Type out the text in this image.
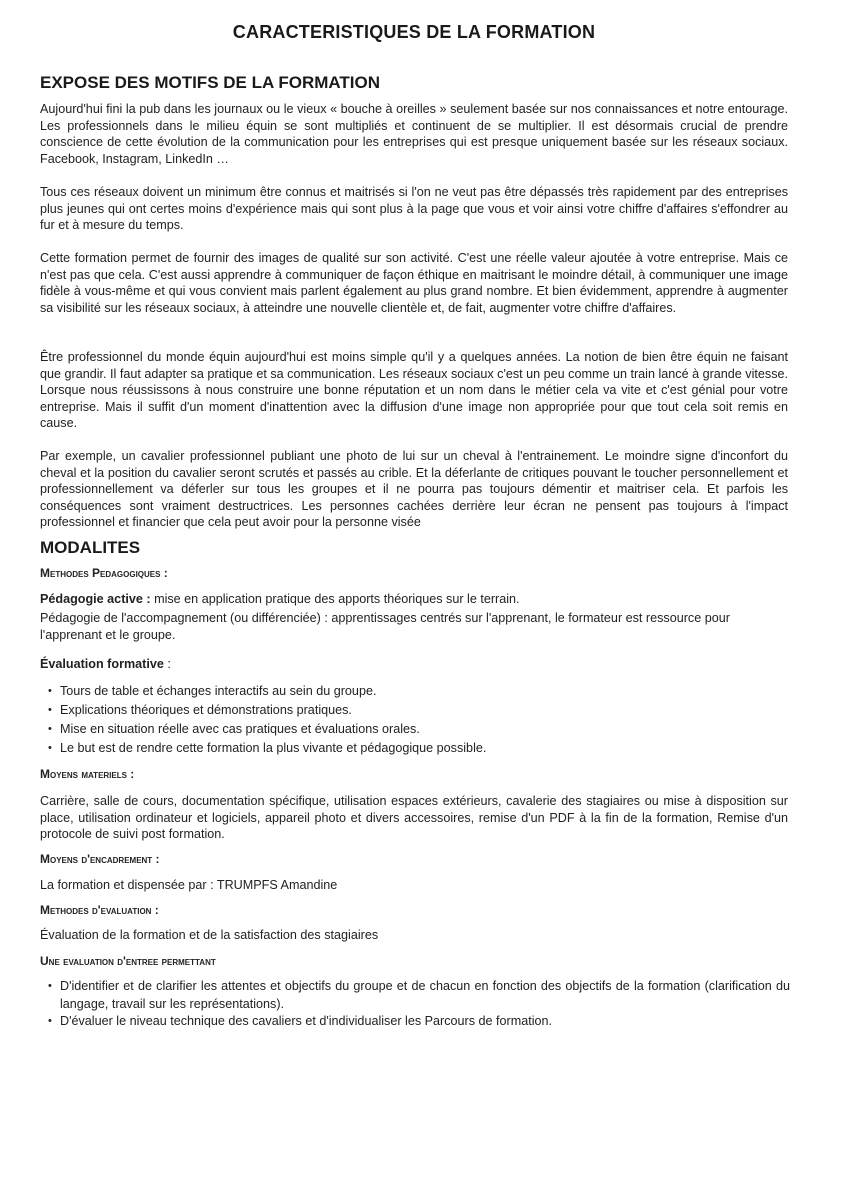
CARACTERISTIQUES DE LA FORMATION
EXPOSE DES MOTIFS DE LA FORMATION
Aujourd'hui fini la pub dans les journaux ou le vieux « bouche à oreilles » seulement basée sur nos connaissances et notre entourage. Les professionnels dans le milieu équin se sont multipliés et continuent de se multiplier. Il est désormais crucial de prendre conscience de cette évolution de la communication pour les entreprises qui est presque uniquement basée sur les réseaux sociaux. Facebook, Instagram, LinkedIn …
Tous ces réseaux doivent un minimum être connus et maitrisés si l'on ne veut pas être dépassés très rapidement par des entreprises plus jeunes qui ont certes moins d'expérience mais qui sont plus à la page que vous et voir ainsi votre chiffre d'affaires s'effondrer au fur et à mesure du temps.
Cette formation permet de fournir des images de qualité sur son activité. C'est une réelle valeur ajoutée à votre entreprise. Mais ce n'est pas que cela. C'est aussi apprendre à communiquer de façon éthique en maitrisant le moindre détail, à communiquer une image fidèle à vous-même et qui vous convient mais parlent également au plus grand nombre. Et bien évidemment, apprendre à augmenter sa visibilité sur les réseaux sociaux, à atteindre une nouvelle clientèle et, de fait, augmenter votre chiffre d'affaires.
Être professionnel du monde équin aujourd'hui est moins simple qu'il y a quelques années. La notion de bien être équin ne faisant que grandir. Il faut adapter sa pratique et sa communication. Les réseaux sociaux c'est un peu comme un train lancé à grande vitesse. Lorsque nous réussissons à nous construire une bonne réputation et un nom dans le métier cela va vite et c'est génial pour votre entreprise. Mais il suffit d'un moment d'inattention avec la diffusion d'une image non appropriée pour que tout cela soit remis en cause.
Par exemple, un cavalier professionnel publiant une photo de lui sur un cheval à l'entrainement. Le moindre signe d'inconfort du cheval et la position du cavalier seront scrutés et passés au crible. Et la déferlante de critiques pouvant le toucher personnellement et professionnellement va déferler sur tous les groupes et il ne pourra pas toujours démentir et maitriser cela. Et parfois les conséquences sont vraiment destructrices. Les personnes cachées derrière leur écran ne pensent pas toujours à l'impact professionnel et financier que cela peut avoir pour la personne visée
MODALITES
Methodes Pedagogiques :
Pédagogie active : mise en application pratique des apports théoriques sur le terrain.
Pédagogie de l'accompagnement (ou différenciée) : apprentissages centrés sur l'apprenant, le formateur est ressource pour l'apprenant et le groupe.
Évaluation formative :
• Tours de table et échanges interactifs au sein du groupe.
• Explications théoriques et démonstrations pratiques.
• Mise en situation réelle avec cas pratiques et évaluations orales.
• Le but est de rendre cette formation la plus vivante et pédagogique possible.
Moyens materiels :
Carrière, salle de cours, documentation spécifique, utilisation espaces extérieurs, cavalerie des stagiaires ou mise à disposition sur place, utilisation ordinateur et logiciels, appareil photo et divers accessoires, remise d'un PDF à la fin de la formation, Remise d'un protocole de suivi post formation.
Moyens d'encadrement :
La formation et dispensée par : TRUMPFS Amandine
Methodes d'evaluation :
Évaluation de la formation et de la satisfaction des stagiaires
Une evaluation d'entree permettant
• D'identifier et de clarifier les attentes et objectifs du groupe et de chacun en fonction des objectifs de la formation (clarification du langage, travail sur les représentations).
• D'évaluer le niveau technique des cavaliers et d'individualiser les Parcours de formation.
